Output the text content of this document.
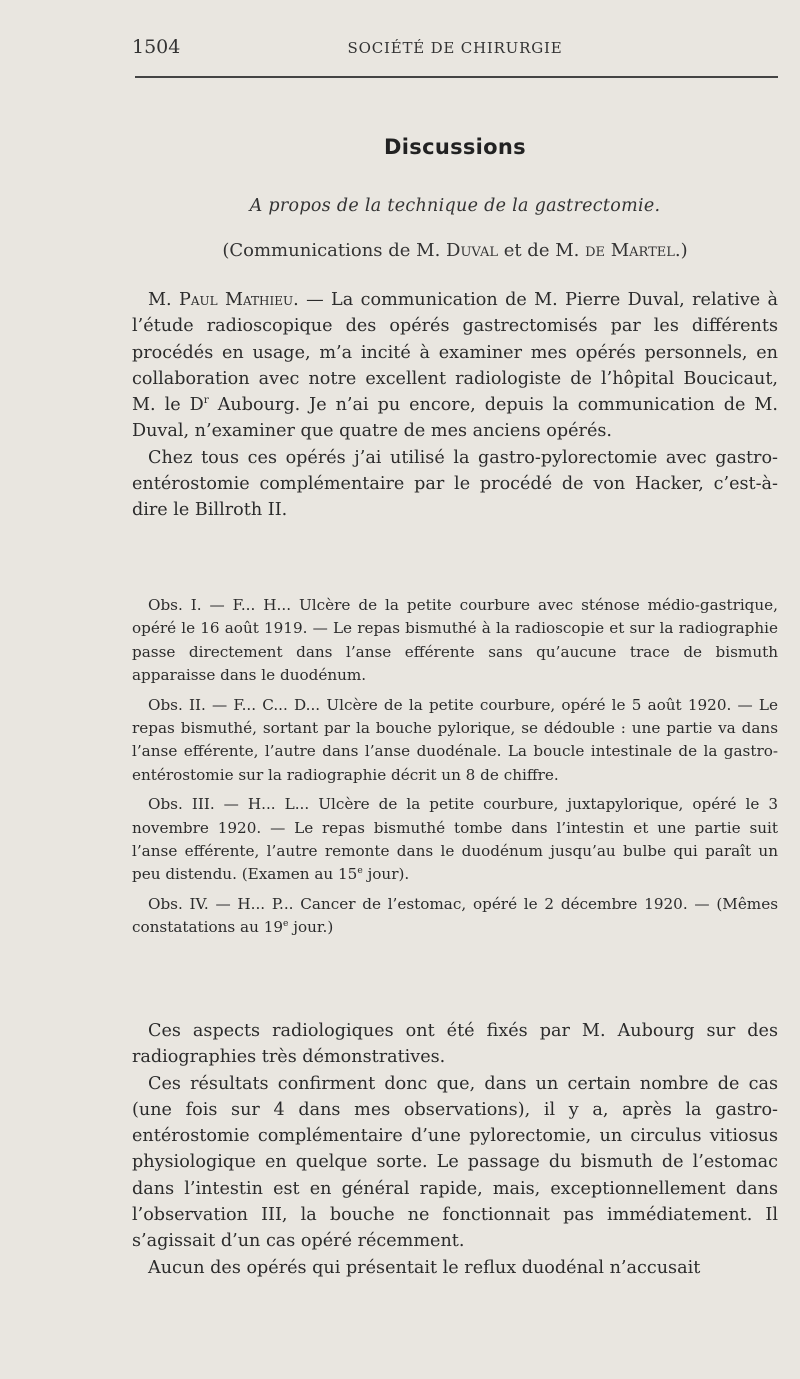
1504	SOCIÉTÉ DE CHIRURGIE
Discussions
A propos de la technique de la gastrectomie.
(Communications de M. Duval et de M. de Martel.)

M. Paul Mathieu. — La communication de M. Pierre Duval, relative à l’étude radioscopique des opérés gastrectomisés par les différents procédés en usage, m’a incité à examiner mes opérés personnels, en collaboration avec notre excellent radiologiste de l’hôpital Boucicaut, M. le $D^r$ Aubourg. Je n’ai pu encore, depuis la communication de M. Duval, n’examiner que quatre de mes anciens opérés.

Chez tous ces opérés j’ai utilisé la gastro-pylorectomie avec gastro-entérostomie complémentaire par le procédé de von Hacker, c’est-à-dire le Billroth II.

Obs. I. — F... H... Ulcère de la petite courbure avec sténose médio-gastrique, opéré le 16 août 1919. — Le repas bismuthé à la radioscopie et sur la radiographie passe directement dans l’anse efférente sans qu’aucune trace de bismuth apparaisse dans le duodénum.

Obs. II. — F... C... D... Ulcère de la petite courbure, opéré le 5 août 1920. — Le repas bismuthé, sortant par la bouche pylorique, se dédouble : une partie va dans l’anse efférente, l’autre dans l’anse duodénale. La boucle intestinale de la gastro-entérostomie sur la radiographie décrit un 8 de chiffre.

Obs. III. — H... L... Ulcère de la petite courbure, juxtapylorique, opéré le 3 novembre 1920. — Le repas bismuthé tombe dans l’intestin et une partie suit l’anse efférente, l’autre remonte dans le duodénum jusqu’au bulbe qui paraît un peu distendu. (Examen au 15e jour).

Obs. IV. — H... P... Cancer de l’estomac, opéré le 2 décembre 1920. — (Mêmes constatations au 19e jour.)

Ces aspects radiologiques ont été fixés par M. Aubourg sur des radiographies très démonstratives.

Ces résultats confirment donc que, dans un certain nombre de cas (une fois sur 4 dans mes observations), il y a, après la gastro-entérostomie complémentaire d’une pylorectomie, un circulus vitiosus physiologique en quelque sorte. Le passage du bismuth de l’estomac dans l’intestin est en général rapide, mais, exceptionnellement dans l’observation III, la bouche ne fonctionnait pas immédiatement. Il s’agissait d’un cas opéré récemment.

Aucun des opérés qui présentait le reflux duodénal n’accusait
